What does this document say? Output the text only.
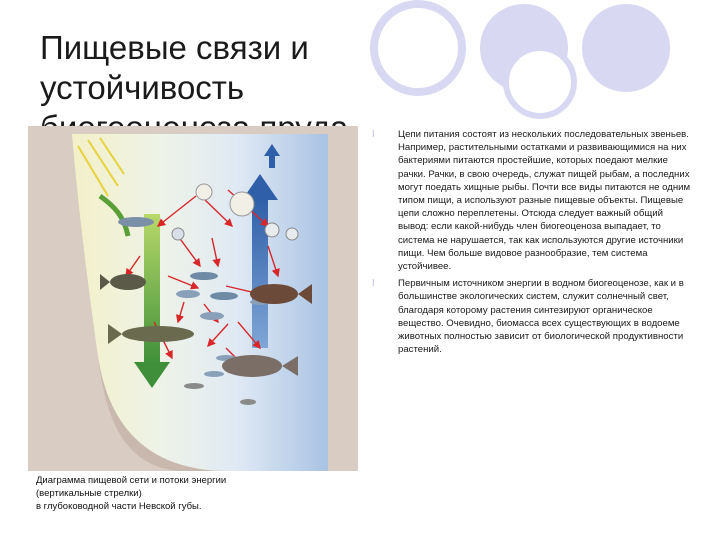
Пищевые связи и устойчивость
Диаграмма пищевой сети и потоки энергии
(вертикальные стрелки)
в глубоководной части Невской губы.
l Цепи питания состоят из нескольких последовательных звеньев. Например, растительными остатками и развивающимися на них бактериями питаются простейшие, которых поедают мелкие рачки. Рачки, в свою очередь, служат пищей рыбам, а последних могут поедать хищные рыбы. Почти все виды питаются не одним типом пищи, а используют разные пищевые объекты. Пищевые цепи сложно переплетены. Отсюда следует важный общий вывод: если какой-нибудь член биогеоценоза выпадает, то система не нарушается, так как используются другие источники пищи. Чем больше видовое разнообразие, тем система устойчивее.
l Первичным источником энергии в водном биогеоценозе, как и в большинстве экологических систем, служит солнечный свет, благодаря которому растения синтезируют органическое вещество. Очевидно, биомасса всех существующих в водоеме животных полностью зависит от биологической продуктивности растений.
